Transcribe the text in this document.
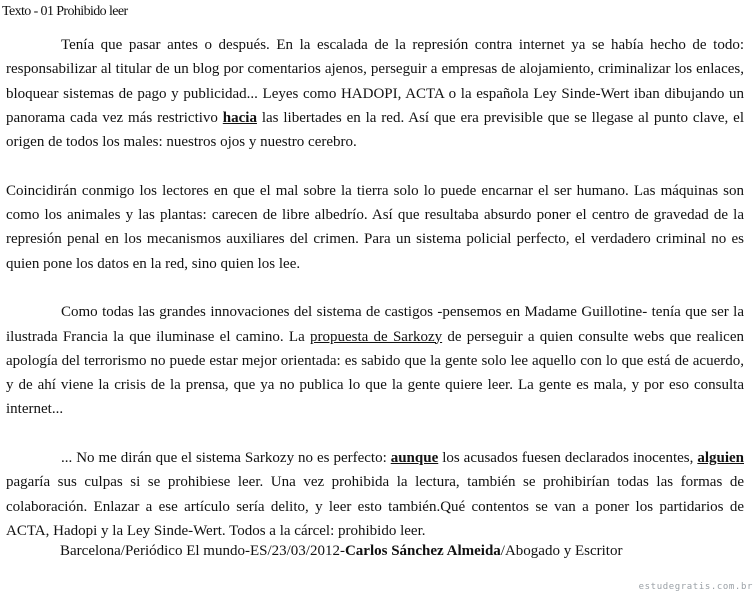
Texto - 01 Prohibido leer

Tenía que pasar antes o después. En la escalada de la represión contra internet ya se había hecho de todo: responsabilizar al titular de un blog por comentarios ajenos, perseguir a empresas de alojamiento, criminalizar los enlaces, bloquear sistemas de pago y publicidad... Leyes como HADOPI, ACTA o la española Ley Sinde-Wert iban dibujando un panorama cada vez más restrictivo hacia las libertades en la red. Así que era previsible que se llegase al punto clave, el origen de todos los males: nuestros ojos y nuestro cerebro.

Coincidirán conmigo los lectores en que el mal sobre la tierra solo lo puede encarnar el ser humano. Las máquinas son como los animales y las plantas: carecen de libre albedrío. Así que resultaba absurdo poner el centro de gravedad de la represión penal en los mecanismos auxiliares del crimen. Para un sistema policial perfecto, el verdadero criminal no es quien pone los datos en la red, sino quien los lee.

Como todas las grandes innovaciones del sistema de castigos -pensemos en Madame Guillotine- tenía que ser la ilustrada Francia la que iluminase el camino. La propuesta de Sarkozy de perseguir a quien consulte webs que realicen apología del terrorismo no puede estar mejor orientada: es sabido que la gente solo lee aquello con lo que está de acuerdo, y de ahí viene la crisis de la prensa, que ya no publica lo que la gente quiere leer. La gente es mala, y por eso consulta internet...

... No me dirán que el sistema Sarkozy no es perfecto: aunque los acusados fuesen declarados inocentes, alguien pagaría sus culpas si se prohibiese leer. Una vez prohibida la lectura, también se prohibirían todas las formas de colaboración. Enlazar a ese artículo sería delito, y leer esto también.Qué contentos se van a poner los partidarios de ACTA, Hadopi y la Ley Sinde-Wert. Todos a la cárcel: prohibido leer.

Barcelona/Periódico El mundo-ES/23/03/2012-Carlos Sánchez Almeida/Abogado y Escritor
estudegratis.com.br
